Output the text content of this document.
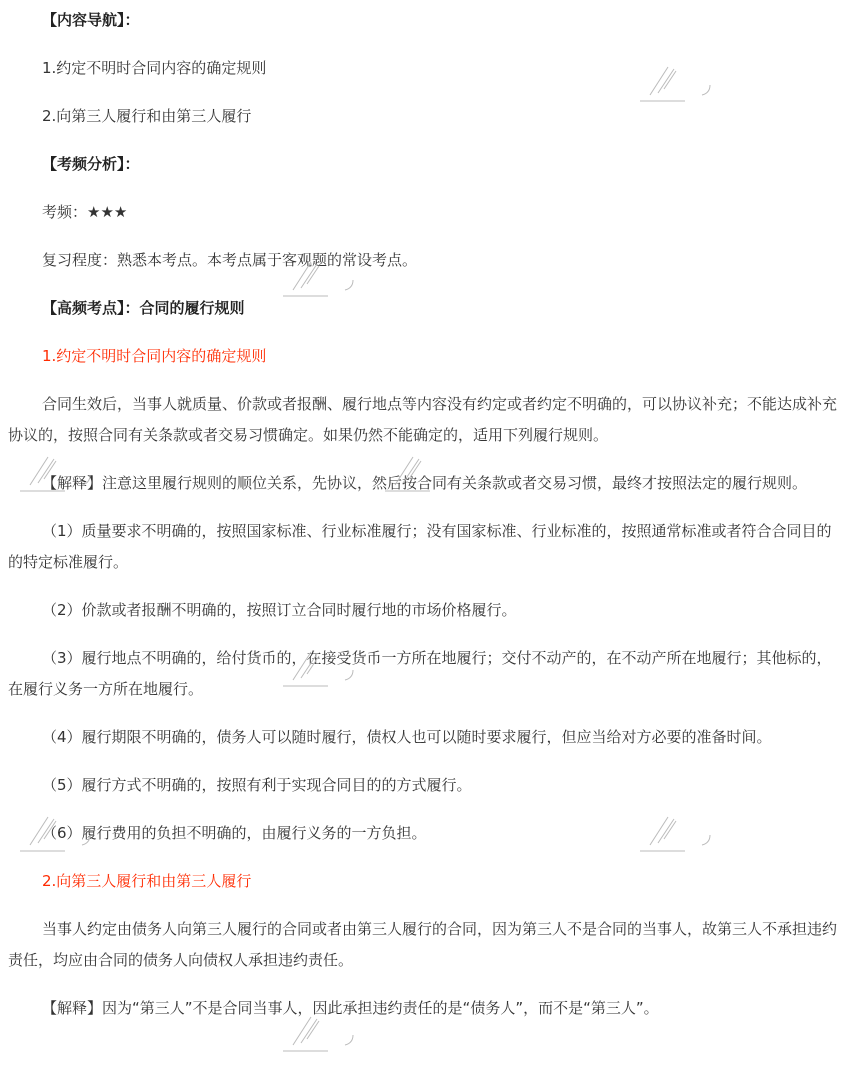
【内容导航】：

1.约定不明时合同内容的确定规则

2.向第三人履行和由第三人履行

【考频分析】：

考频：★★★

复习程度：熟悉本考点。本考点属于客观题的常设考点。

【高频考点】：合同的履行规则

1.约定不明时合同内容的确定规则

合同生效后，当事人就质量、价款或者报酬、履行地点等内容没有约定或者约定不明确的，可以协议补充；不能达成补充协议的，按照合同有关条款或者交易习惯确定。如果仍然不能确定的，适用下列履行规则。

【解释】注意这里履行规则的顺位关系，先协议，然后按合同有关条款或者交易习惯，最终才按照法定的履行规则。

（1）质量要求不明确的，按照国家标准、行业标准履行；没有国家标准、行业标准的，按照通常标准或者符合合同目的的特定标准履行。

（2）价款或者报酬不明确的，按照订立合同时履行地的市场价格履行。

（3）履行地点不明确的，给付货币的，在接受货币一方所在地履行；交付不动产的，在不动产所在地履行；其他标的，在履行义务一方所在地履行。

（4）履行期限不明确的，债务人可以随时履行，债权人也可以随时要求履行，但应当给对方必要的准备时间。

（5）履行方式不明确的，按照有利于实现合同目的的方式履行。

（6）履行费用的负担不明确的，由履行义务的一方负担。

2.向第三人履行和由第三人履行

当事人约定由债务人向第三人履行的合同或者由第三人履行的合同，因为第三人不是合同的当事人，故第三人不承担违约责任，均应由合同的债务人向债权人承担违约责任。

【解释】因为“第三人”不是合同当事人，因此承担违约责任的是“债务人”，而不是“第三人”。
